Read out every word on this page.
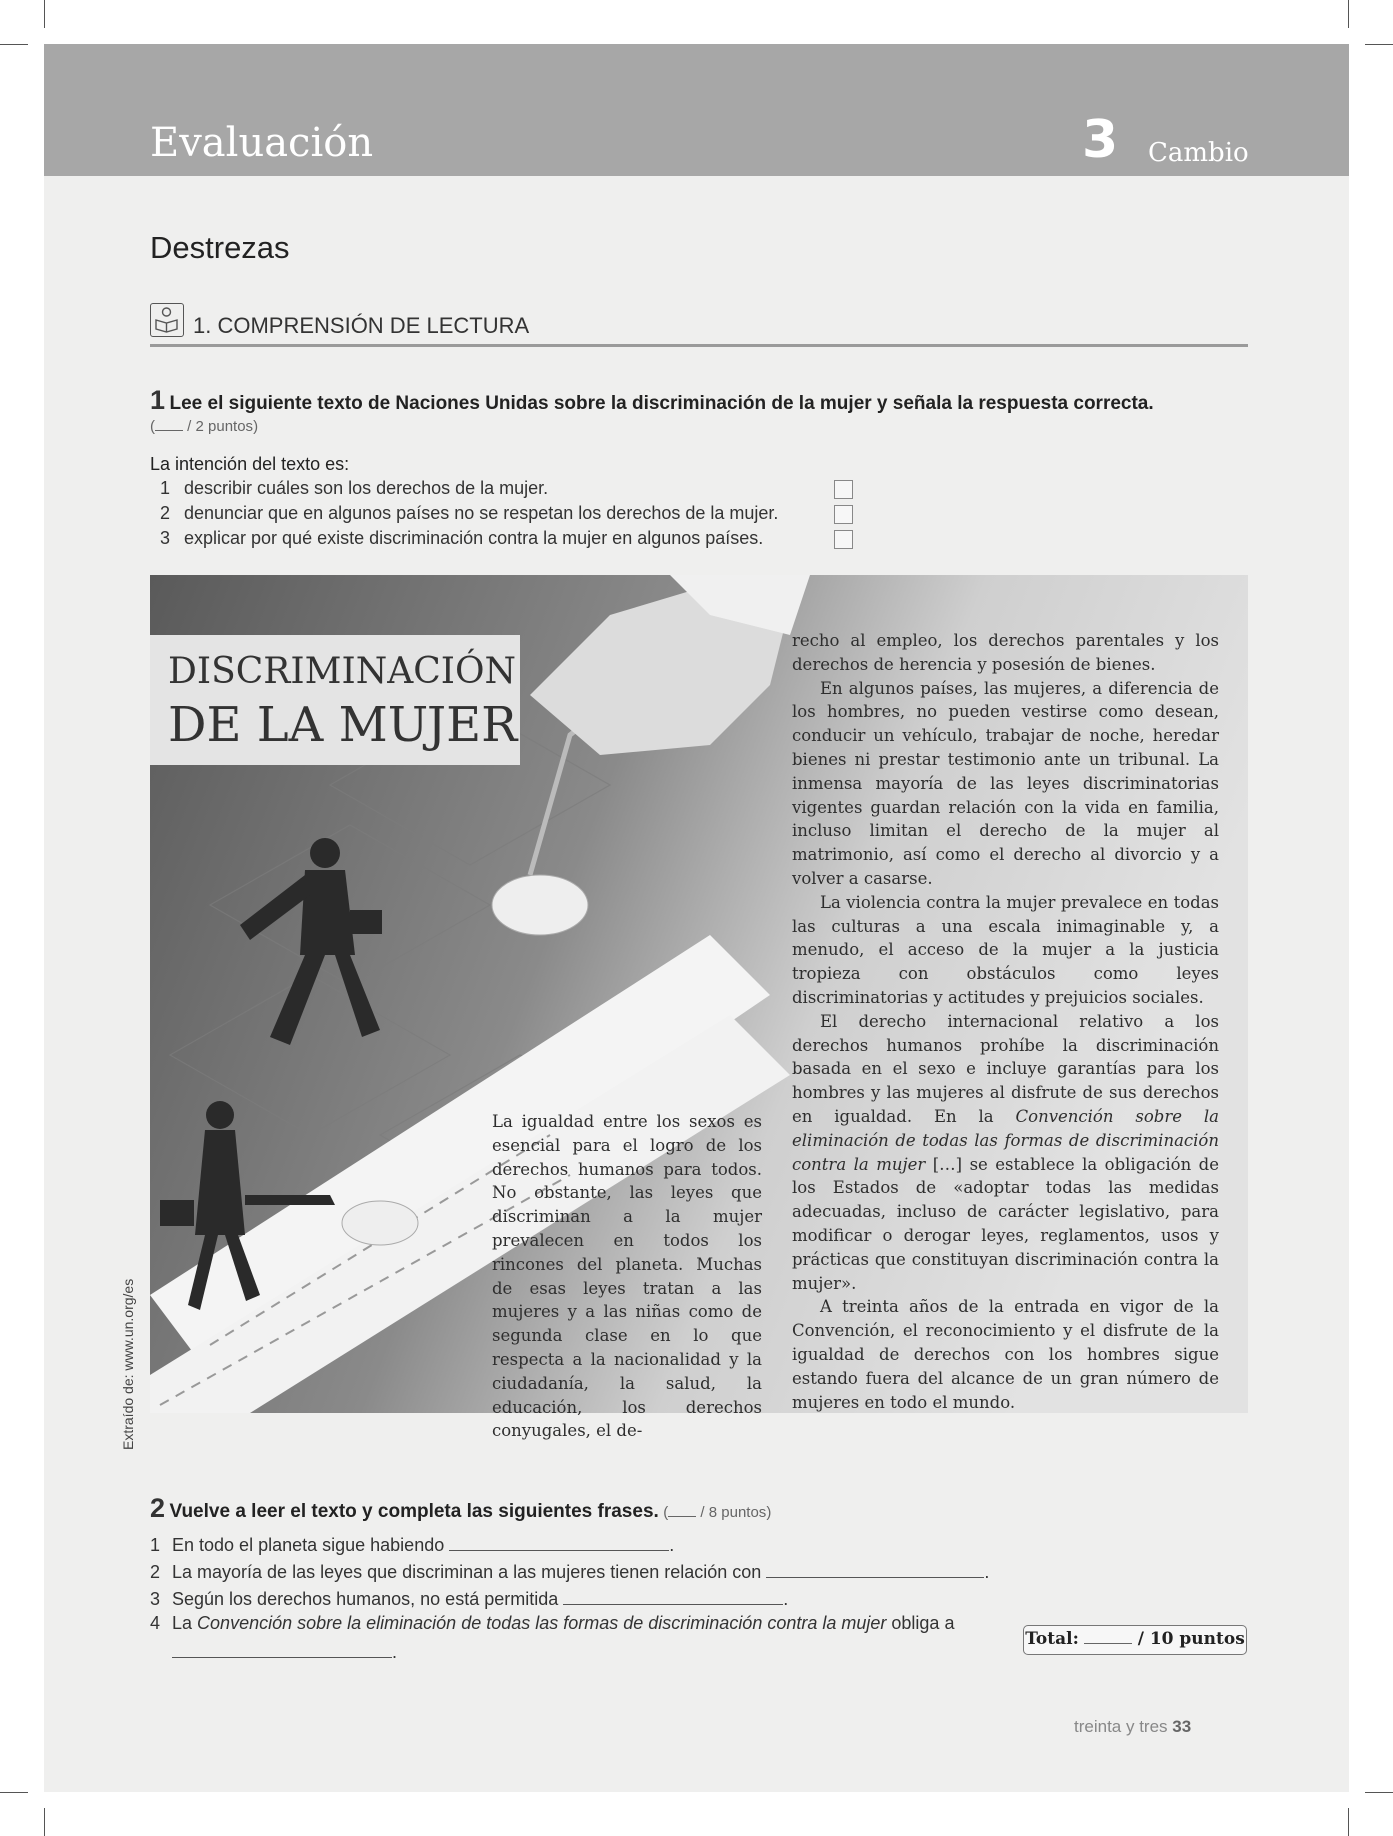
Evaluación	3 Cambio
Destrezas
1. COMPRENSIÓN DE LECTURA
1 Lee el siguiente texto de Naciones Unidas sobre la discriminación de la mujer y señala la respuesta correcta.
( / 2 puntos)
La intención del texto es:
1 describir cuáles son los derechos de la mujer.
2 denunciar que en algunos países no se respetan los derechos de la mujer.
3 explicar por qué existe discriminación contra la mujer en algunos países.
DISCRIMINACIÓN
DE LA MUJER

La igualdad entre los sexos es esencial para el logro de los derechos humanos para todos. No obstante, las leyes que discriminan a la mujer prevalecen en todos los rincones del planeta. Muchas de esas leyes tratan a las mujeres y a las niñas como de segunda clase en lo que respecta a la nacionalidad y la ciudadanía, la salud, la educación, los derechos conyugales, el de-

recho al empleo, los derechos parentales y los derechos de herencia y posesión de bienes.

En algunos países, las mujeres, a diferencia de los hombres, no pueden vestirse como desean, conducir un vehículo, trabajar de noche, heredar bienes ni prestar testimonio ante un tribunal. La inmensa mayoría de las leyes discriminatorias vigentes guardan relación con la vida en familia, incluso limitan el derecho de la mujer al matrimonio, así como el derecho al divorcio y a volver a casarse.

La violencia contra la mujer prevalece en todas las culturas a una escala inimaginable y, a menudo, el acceso de la mujer a la justicia tropieza con obstáculos como leyes discriminatorias y actitudes y prejuicios sociales.

El derecho internacional relativo a los derechos humanos prohíbe la discriminación basada en el sexo e incluye garantías para los hombres y las mujeres al disfrute de sus derechos en igualdad. En la Convención sobre la eliminación de todas las formas de discriminación contra la mujer […] se establece la obligación de los Estados de «adoptar todas las medidas adecuadas, incluso de carácter legislativo, para modificar o derogar leyes, reglamentos, usos y prácticas que constituyan discriminación contra la mujer».

A treinta años de la entrada en vigor de la Convención, el reconocimiento y el disfrute de la igualdad de derechos con los hombres sigue estando fuera del alcance de un gran número de mujeres en todo el mundo.

Extraído de: www.un.org/es
2 Vuelve a leer el texto y completa las siguientes frases. ( / 8 puntos)
1 En todo el planeta sigue habiendo	.
2 La mayoría de las leyes que discriminan a las mujeres tienen relación con	.
3 Según los derechos humanos, no está permitida	.
4 La Convención sobre la eliminación de todas las formas de discriminación contra la mujer obliga a
.
Total:	/ 10 puntos
treinta y tres 33
